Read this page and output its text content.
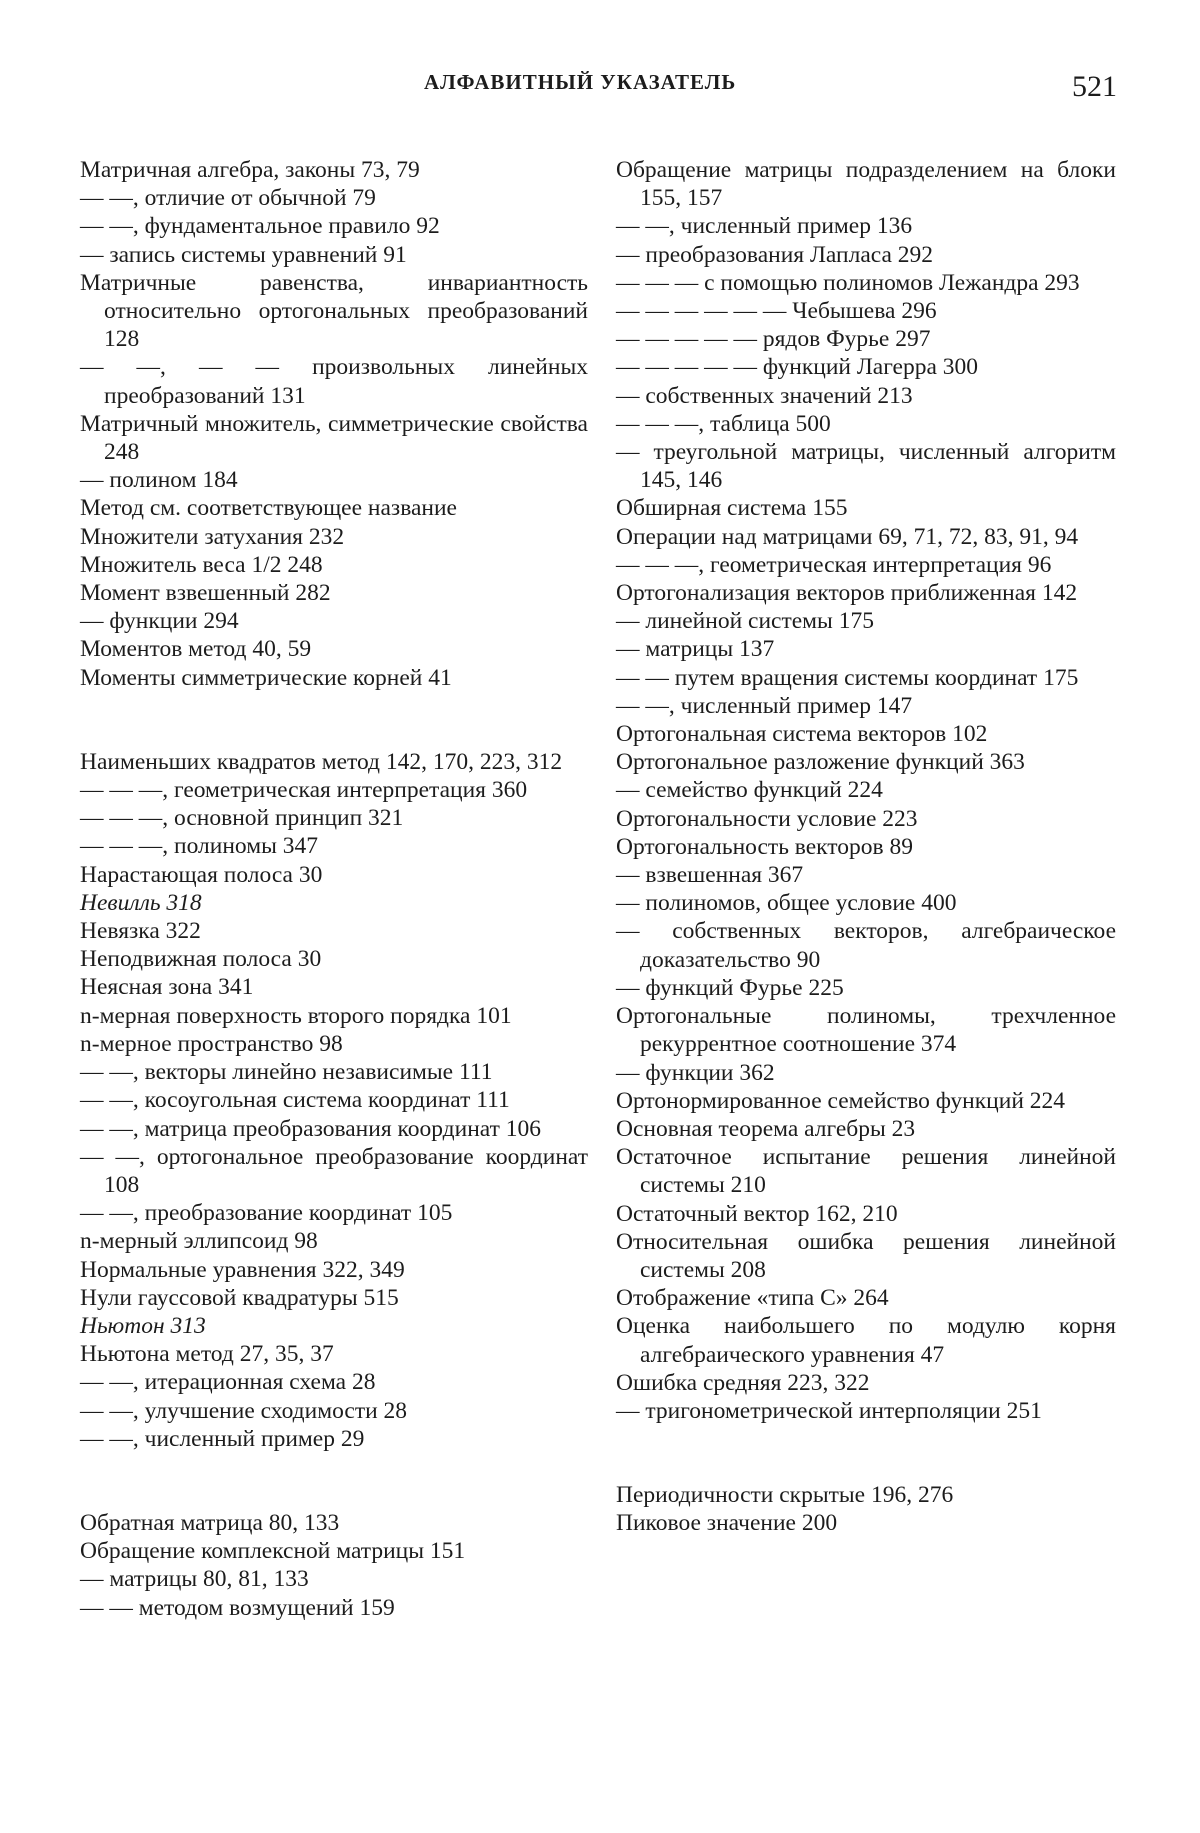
АЛФАВИТНЫЙ УКАЗАТЕЛЬ	521
Матричная алгебра, законы 73, 79
— —, отличие от обычной 79
— —, фундаментальное правило 92
— запись системы уравнений 91
Матричные равенства, инвариантность относительно ортогональных преобразований 128
— —, — — произвольных линейных преобразований 131
Матричный множитель, симметрические свойства 248
— полином 184
Метод см. соответствующее название
Множители затухания 232
Множитель веса 1/2 248
Момент взвешенный 282
— функции 294
Моментов метод 40, 59
Моменты симметрические корней 41
Наименьших квадратов метод 142, 170, 223, 312
— — —, геометрическая интерпретация 360
— — —, основной принцип 321
— — —, полиномы 347
Нарастающая полоса 30
Невилль 318
Невязка 322
Неподвижная полоса 30
Неясная зона 341
n-мерная поверхность второго порядка 101
n-мерное пространство 98
— —, векторы линейно независимые 111
— —, косоугольная система координат 111
— —, матрица преобразования координат 106
— —, ортогональное преобразование координат 108
— —, преобразование координат 105
n-мерный эллипсоид 98
Нормальные уравнения 322, 349
Нули гауссовой квадратуры 515
Ньютон 313
Ньютона метод 27, 35, 37
— —, итерационная схема 28
— —, улучшение сходимости 28
— —, численный пример 29
Обратная матрица 80, 133
Обращение комплексной матрицы 151
— матрицы 80, 81, 133
— — методом возмущений 159
Обращение матрицы подразделением на блоки 155, 157
— —, численный пример 136
— преобразования Лапласа 292
— — — с помощью полиномов Лежандра 293
— — — — — — Чебышева 296
— — — — — рядов Фурье 297
— — — — — функций Лагерра 300
— собственных значений 213
— — —, таблица 500
— треугольной матрицы, численный алгоритм 145, 146
Обширная система 155
Операции над матрицами 69, 71, 72, 83, 91, 94
— — —, геометрическая интерпретация 96
Ортогонализация векторов приближенная 142
— линейной системы 175
— матрицы 137
— — путем вращения системы координат 175
— —, численный пример 147
Ортогональная система векторов 102
Ортогональное разложение функций 363
— семейство функций 224
Ортогональности условие 223
Ортогональность векторов 89
— взвешенная 367
— полиномов, общее условие 400
— собственных векторов, алгебраическое доказательство 90
— функций Фурье 225
Ортогональные полиномы, трехчленное рекуррентное соотношение 374
— функции 362
Ортонормированное семейство функций 224
Основная теорема алгебры 23
Остаточное испытание решения линейной системы 210
Остаточный вектор 162, 210
Относительная ошибка решения линейной системы 208
Отображение «типа С» 264
Оценка наибольшего по модулю корня алгебраического уравнения 47
Ошибка средняя 223, 322
— тригонометрической интерполяции 251
Периодичности скрытые 196, 276
Пиковое значение 200
